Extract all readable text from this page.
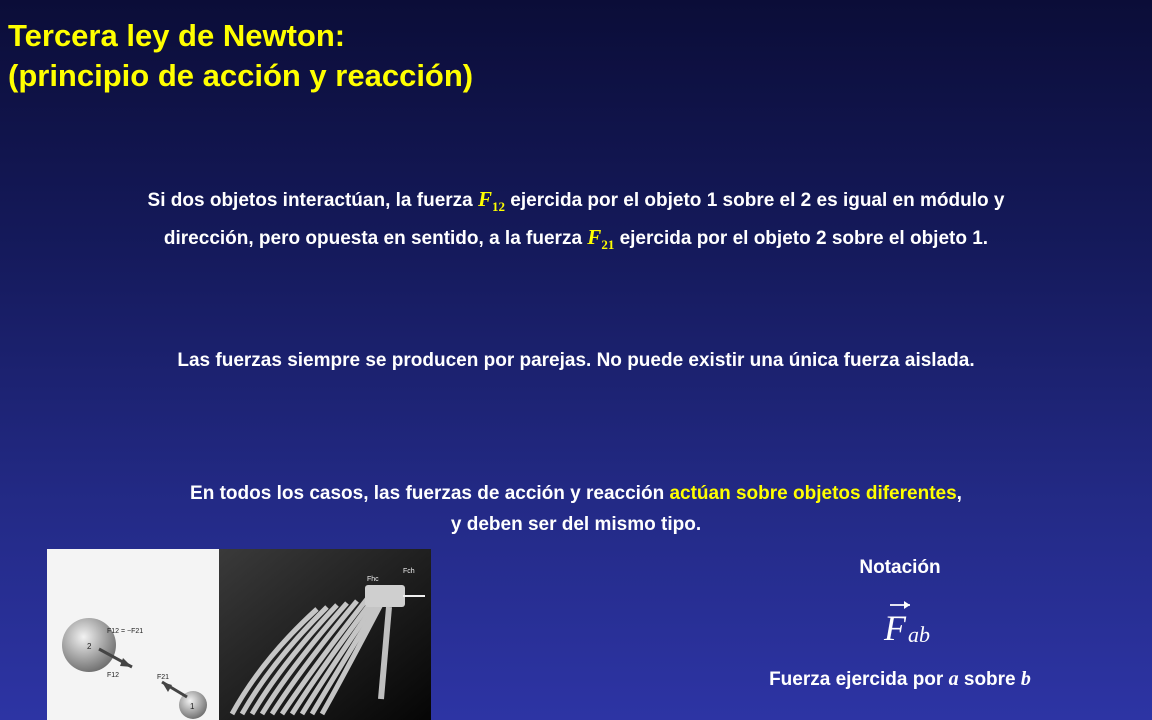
Tercera ley de Newton:
(principio de acción y reacción)
Si dos objetos interactúan, la fuerza $F_{12}$ ejercida por el objeto 1 sobre el 2 es igual en módulo y
dirección, pero opuesta en sentido, a la fuerza $F_{21}$ ejercida por el objeto 2 sobre el objeto 1.
Las fuerzas siempre se producen por parejas. No puede existir una única fuerza aislada.
En todos los casos, las fuerzas de acción y reacción actúan sobre objetos diferentes,
y deben ser del mismo tipo.
2
1
F12 = −F21
F12	F21
Fhc
Fch	Notación
F ab
Fuerza ejercida por a sobre b
